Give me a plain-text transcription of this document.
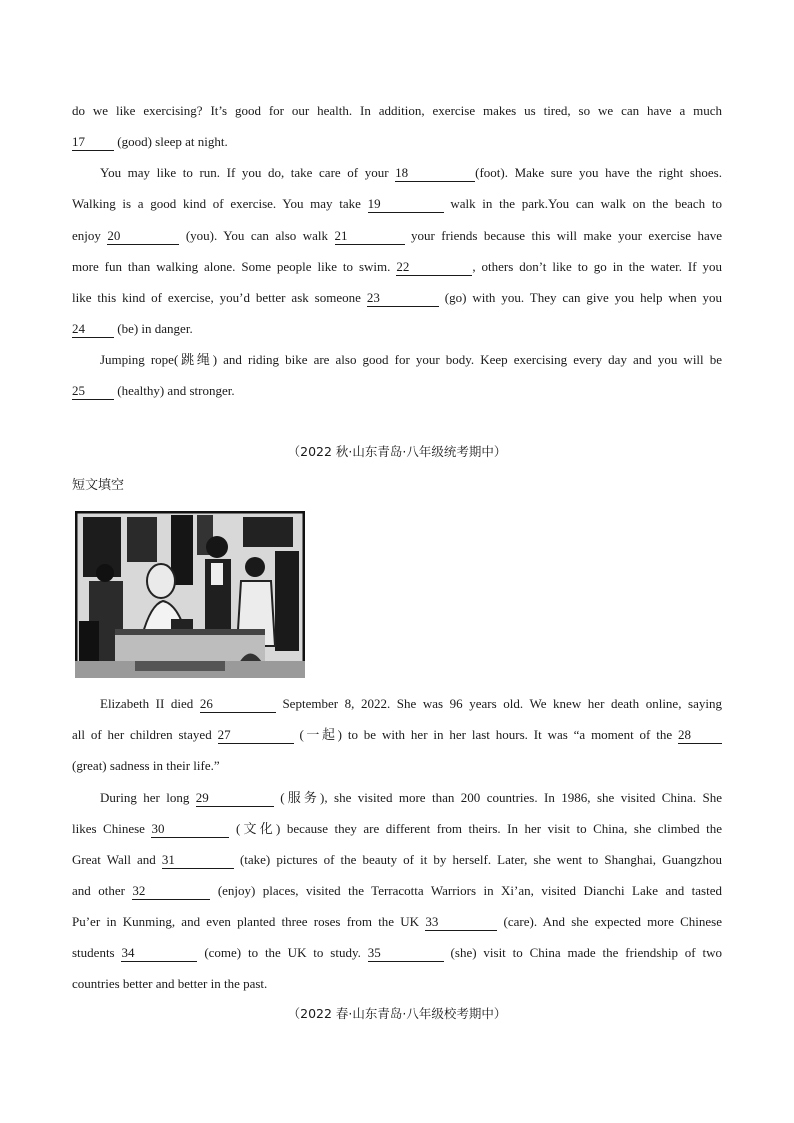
do we like exercising? It’s good for our health. In addition, exercise makes us tired, so we can have a much
17 (good) sleep at night.
You may like to run. If you do, take care of your 18	(foot). Make sure you have the right shoes.
Walking is a good kind of exercise. You may take 19	walk in the park.You can walk on the beach to
enjoy 20	(you). You can also walk 21	your friends because this will make your exercise have
more fun than walking alone. Some people like to swim. 22	, others don’t like to go in the water. If you
like this kind of exercise, you’d better ask someone 23	(go) with you. They can give you help when you
24 (be) in danger.
Jumping rope(跳绳) and riding bike are also good for your body. Keep exercising every day and you will be
25 (healthy) and stronger.
（2022 秋·山东青岛·八年级统考期中）
短文填空
Elizabeth II died 26	September 8, 2022. She was 96 years old. We knew her death online, saying
all of her children stayed 27	(一起) to be with her in her last hours. It was “a moment of the 28
(great) sadness in their life.”
During her long 29	(服务), she visited more than 200 countries. In 1986, she visited China. She
likes Chinese 30	(文化) because they are different from theirs. In her visit to China, she climbed the
Great Wall and 31	(take) pictures of the beauty of it by herself. Later, she went to Shanghai, Guangzhou
and other 32	(enjoy) places, visited the Terracotta Warriors in Xi’an, visited Dianchi Lake and tasted
Pu’er in Kunming, and even planted three roses from the UK 33	(care). And she expected more Chinese
students 34	(come) to the UK to study. 35	(she) visit to China made the friendship of two
countries better and better in the past.
（2022 春·山东青岛·八年级校考期中）
